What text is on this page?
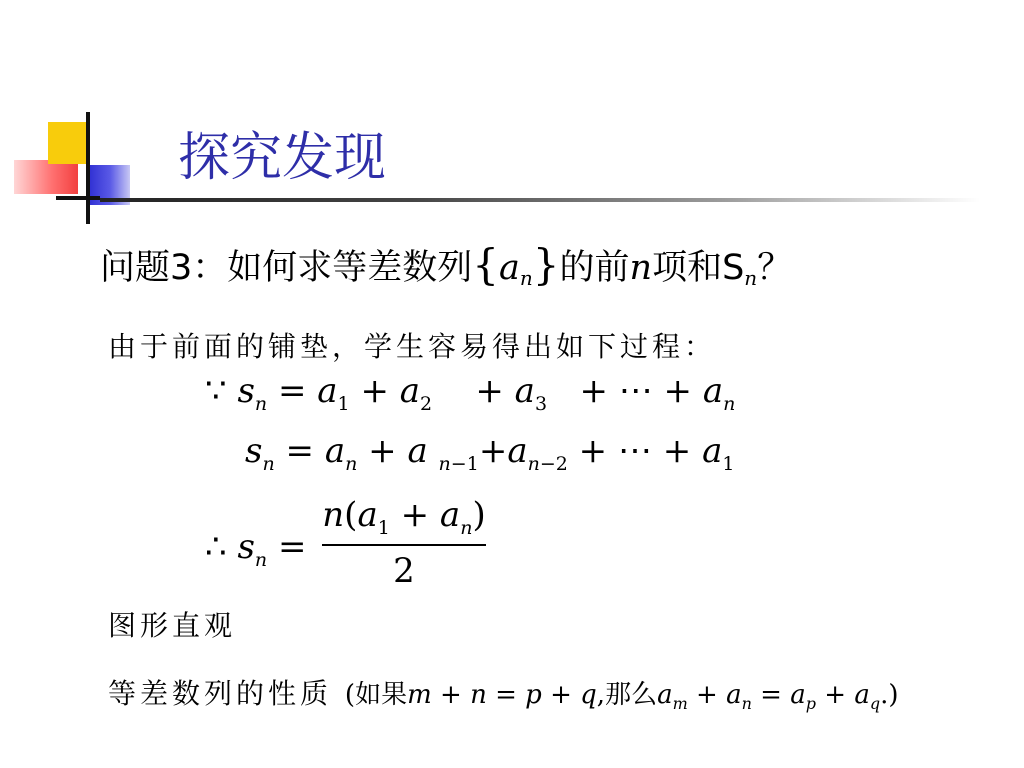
探究发现
问题3：如何求等差数列$\{a_n\}$的前n项和$S_n$？
由于前面的铺垫，学生容易得出如下过程：
∵ $s_n = a_1 + a_2$    + $a_3$   + ⋯ + $a_n$
$s_n = a_n + a$ $_{n-1}+a_{n-2}$ + ⋯ + $a_1$
∴ $s_n$ =
$n(a_1 + a_n)$
2
图形直观
等差数列的性质 (如果m + n = p + q,那么$a_m + a_n = a_p + a_q$.)
